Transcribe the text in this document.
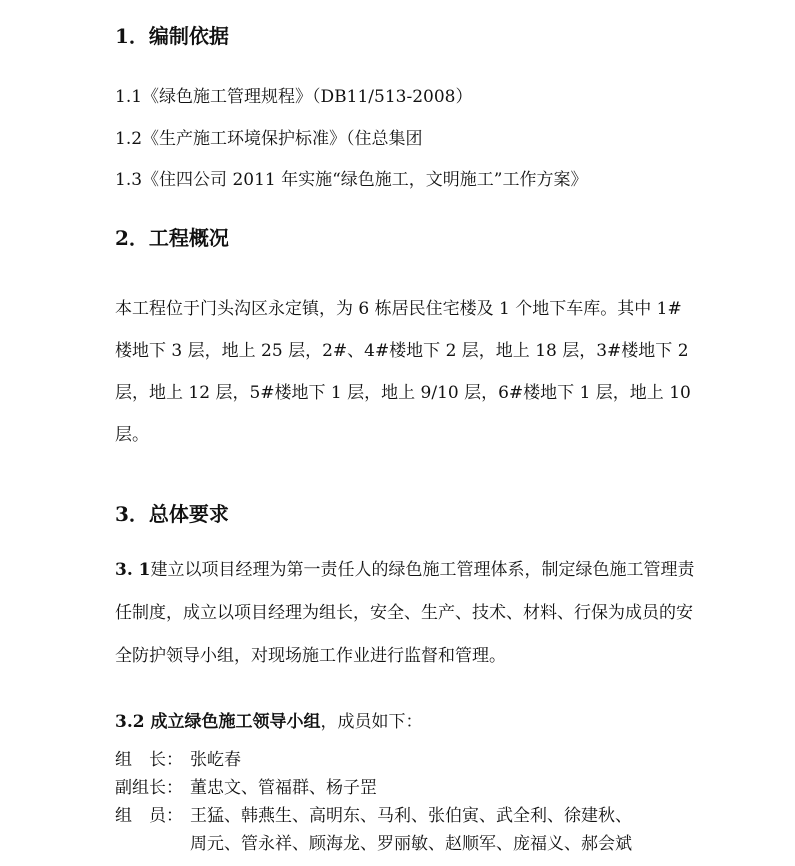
1．编制依据
1.1《绿色施工管理规程》（DB11/513-2008）
1.2《生产施工环境保护标准》（住总集团
1.3《住四公司 2011 年实施“绿色施工，文明施工”工作方案》
2．工程概况
本工程位于门头沟区永定镇，为 6 栋居民住宅楼及 1 个地下车库。其中 1#楼地下 3 层，地上 25 层，2#、4#楼地下 2 层，地上 18 层，3#楼地下 2 层，地上 12 层，5#楼地下 1 层，地上 9/10 层，6#楼地下 1 层，地上 10 层。
3．总体要求
3. 1建立以项目经理为第一责任人的绿色施工管理体系，制定绿色施工管理责任制度，成立以项目经理为组长，安全、生产、技术、材料、行保为成员的安全防护领导小组，对现场施工作业进行监督和管理。
3.2 成立绿色施工领导小组，成员如下：
组　长： 张屹春
副组长： 董忠文、管福群、杨子罡
组　员： 王猛、韩燕生、高明东、马利、张伯寅、武全利、徐建秋、
周元、管永祥、顾海龙、罗丽敏、赵顺军、庞福义、郝会斌
